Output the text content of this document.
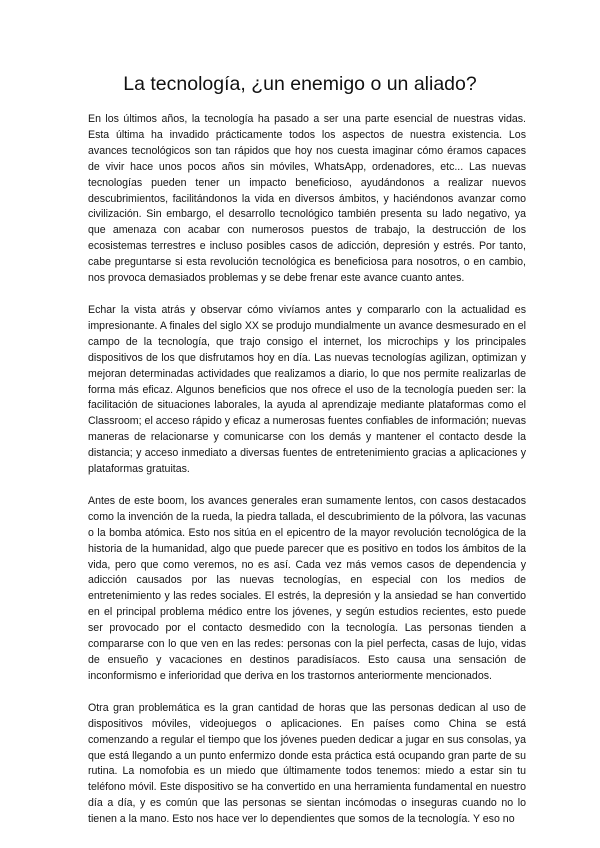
La tecnología, ¿un enemigo o un aliado?

En los últimos años, la tecnología ha pasado a ser una parte esencial de nuestras vidas. Esta última ha invadido prácticamente todos los aspectos de nuestra existencia. Los avances tecnológicos son tan rápidos que hoy nos cuesta imaginar cómo éramos capaces de vivir hace unos pocos años sin móviles, WhatsApp, ordenadores, etc... Las nuevas tecnologías pueden tener un impacto beneficioso, ayudándonos a realizar nuevos descubrimientos, facilitándonos la vida en diversos ámbitos, y haciéndonos avanzar como civilización. Sin embargo, el desarrollo tecnológico también presenta su lado negativo, ya que amenaza con acabar con numerosos puestos de trabajo, la destrucción de los ecosistemas terrestres e incluso posibles casos de adicción, depresión y estrés. Por tanto, cabe preguntarse si esta revolución tecnológica es beneficiosa para nosotros, o en cambio, nos provoca demasiados problemas y se debe frenar este avance cuanto antes.

Echar la vista atrás y observar cómo vivíamos antes y compararlo con la actualidad es impresionante. A finales del siglo XX se produjo mundialmente un avance desmesurado en el campo de la tecnología, que trajo consigo el internet, los microchips y los principales dispositivos de los que disfrutamos hoy en día. Las nuevas tecnologías agilizan, optimizan y mejoran determinadas actividades que realizamos a diario, lo que nos permite realizarlas de forma más eficaz. Algunos beneficios que nos ofrece el uso de la tecnología pueden ser: la facilitación de situaciones laborales, la ayuda al aprendizaje mediante plataformas como el Classroom; el acceso rápido y eficaz a numerosas fuentes confiables de información; nuevas maneras de relacionarse y comunicarse con los demás y mantener el contacto desde la distancia; y acceso inmediato a diversas fuentes de entretenimiento gracias a aplicaciones y plataformas gratuitas.

Antes de este boom, los avances generales eran sumamente lentos, con casos destacados como la invención de la rueda, la piedra tallada, el descubrimiento de la pólvora, las vacunas o la bomba atómica. Esto nos sitúa en el epicentro de la mayor revolución tecnológica de la historia de la humanidad, algo que puede parecer que es positivo en todos los ámbitos de la vida, pero que como veremos, no es así. Cada vez más vemos casos de dependencia y adicción causados por las nuevas tecnologías, en especial con los medios de entretenimiento y las redes sociales. El estrés, la depresión y la ansiedad se han convertido en el principal problema médico entre los jóvenes, y según estudios recientes, esto puede ser provocado por el contacto desmedido con la tecnología. Las personas tienden a compararse con lo que ven en las redes: personas con la piel perfecta, casas de lujo, vidas de ensueño y vacaciones en destinos paradisíacos. Esto causa una sensación de inconformismo e inferioridad que deriva en los trastornos anteriormente mencionados.

Otra gran problemática es la gran cantidad de horas que las personas dedican al uso de dispositivos móviles, videojuegos o aplicaciones. En países como China se está comenzando a regular el tiempo que los jóvenes pueden dedicar a jugar en sus consolas, ya que está llegando a un punto enfermizo donde esta práctica está ocupando gran parte de su rutina. La nomofobia es un miedo que últimamente todos tenemos: miedo a estar sin tu teléfono móvil. Este dispositivo se ha convertido en una herramienta fundamental en nuestro día a día, y es común que las personas se sientan incómodas o inseguras cuando no lo tienen a la mano. Esto nos hace ver lo dependientes que somos de la tecnología. Y eso no
